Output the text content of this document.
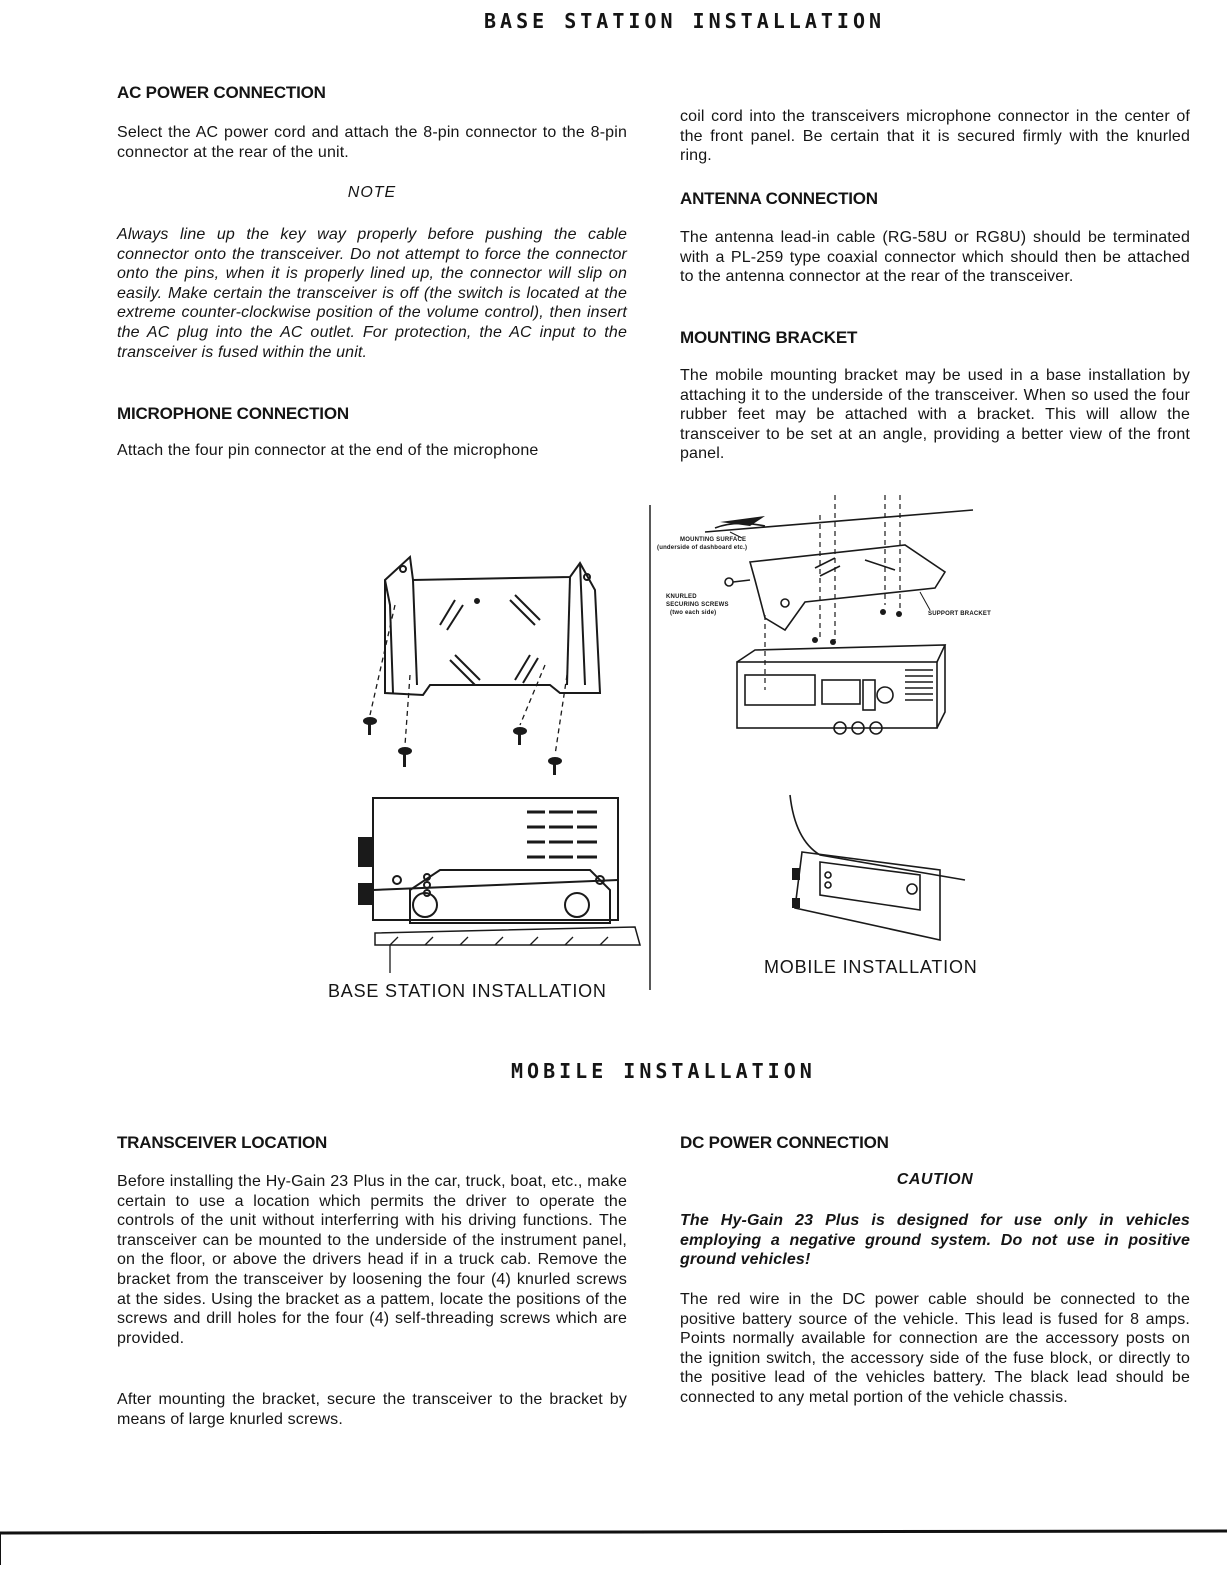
BASE STATION INSTALLATION
AC POWER CONNECTION
Select the AC power cord and attach the 8-pin connector to the 8-pin connector at the rear of the unit.
NOTE
Always line up the key way properly before pushing the cable connector onto the transceiver. Do not attempt to force the connector onto the pins, when it is properly lined up, the connector will slip on easily. Make certain the transceiver is off (the switch is located at the extreme counter-clockwise position of the volume control), then insert the AC plug into the AC outlet. For protection, the AC input to the transceiver is fused within the unit.
MICROPHONE CONNECTION
Attach the four pin connector at the end of the microphone
coil cord into the transceivers microphone connector in the center of the front panel. Be certain that it is secured firmly with the knurled ring.
ANTENNA CONNECTION
The antenna lead-in cable (RG-58U or RG8U) should be terminated with a PL-259 type coaxial connector which should then be attached to the antenna connector at the rear of the transceiver.
MOUNTING BRACKET
The mobile mounting bracket may be used in a base installation by attaching it to the underside of the transceiver. When so used the four rubber feet may be attached with a bracket. This will allow the transceiver to be set at an angle, providing a better view of the front panel.
BASE STATION INSTALLATION
MOUNTING SURFACE
(underside of dashboard etc.)
KNURLED
SECURING SCREWS
(two each side)	SUPPORT BRACKET
MOBILE INSTALLATION
MOBILE INSTALLATION
TRANSCEIVER LOCATION
Before installing the Hy-Gain 23 Plus in the car, truck, boat, etc., make certain to use a location which permits the driver to operate the controls of the unit without interferring with his driving functions. The transceiver can be mounted to the underside of the instrument panel, on the floor, or above the drivers head if in a truck cab. Remove the bracket from the transceiver by loosening the four (4) knurled screws at the sides. Using the bracket as a pattem, locate the positions of the screws and drill holes for the four (4) self-threading screws which are provided.
After mounting the bracket, secure the transceiver to the bracket by means of large knurled screws.
DC POWER CONNECTION
CAUTION
The Hy-Gain 23 Plus is designed for use only in vehicles employing a negative ground system. Do not use in positive ground vehicles!
The red wire in the DC power cable should be connected to the positive battery source of the vehicle. This lead is fused for 8 amps. Points normally available for connection are the accessory posts on the ignition switch, the accessory side of the fuse block, or directly to the positive lead of the vehicles battery. The black lead should be connected to any metal portion of the vehicle chassis.
